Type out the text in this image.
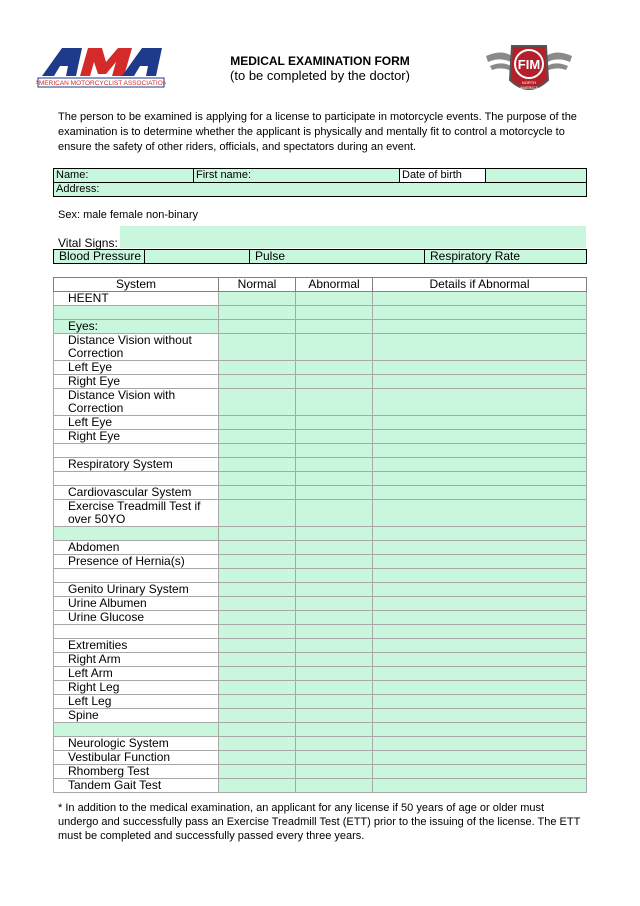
AMERICAN MOTORCYCLIST ASSOCIATION
MEDICAL EXAMINATION FORM
(to be completed by the doctor)
FIM
NORTH
AMERICA
The person to be examined is applying for a license to participate in motorcycle events. The purpose of the examination is to determine whether the applicant is physically and mentally fit to control a motorcycle to ensure the safety of other riders, officials, and spectators during an event.
Name:	First name:	Date of birth	
Address:
Sex: male female non-binary
Vital Signs:
Blood Pressure		Pulse	Respiratory Rate
System	Normal	Abnormal	Details if Abnormal
HEENT			

Eyes:			
Distance Vision without Correction			
Left Eye			
Right Eye			
Distance Vision with Correction			
Left Eye			
Right Eye			

Respiratory System			

Cardiovascular System			
Exercise Treadmill Test if over 50YO			

Abdomen			
Presence of Hernia(s)			

Genito Urinary System			
Urine Albumen			
Urine Glucose			

Extremities			
Right Arm			
Left Arm			
Right Leg			
Left Leg			
Spine			

Neurologic System			
Vestibular Function			
Rhomberg Test			
Tandem Gait Test			
* In addition to the medical examination, an applicant for any license if 50 years of age or older must undergo and successfully pass an Exercise Treadmill Test (ETT) prior to the issuing of the license. The ETT must be completed and successfully passed every three years.
